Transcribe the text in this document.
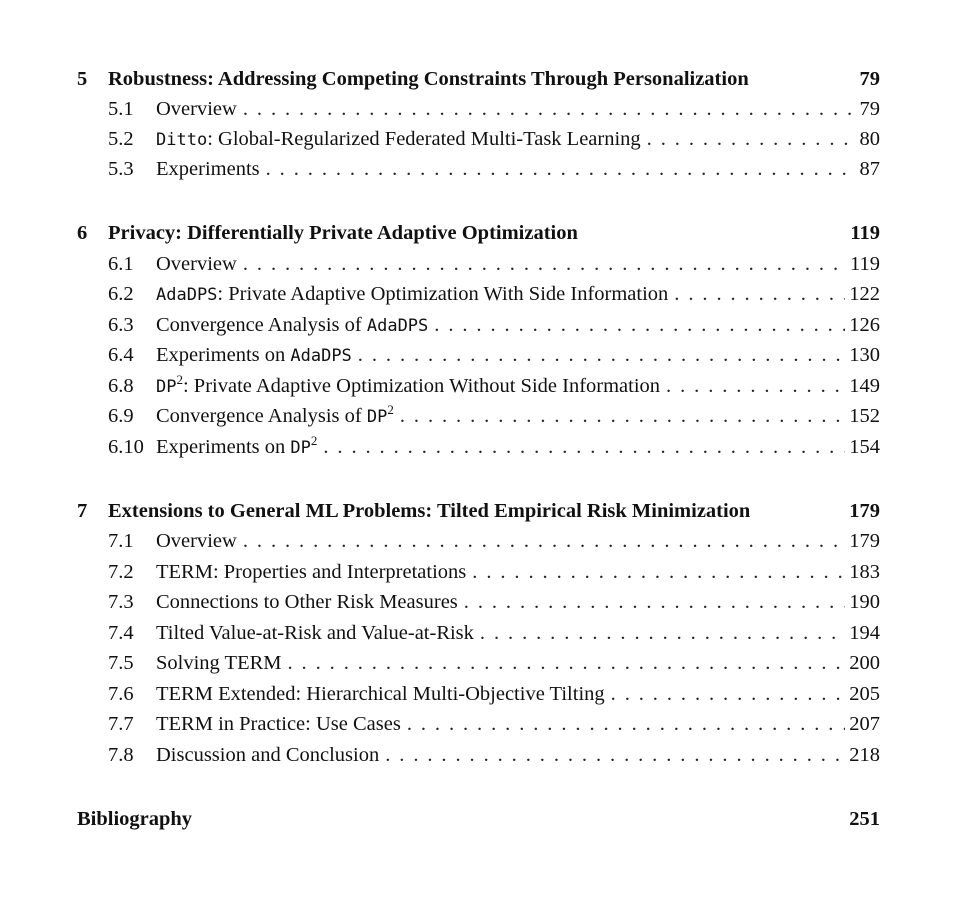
5 Robustness: Addressing Competing Constraints Through Personalization	79
5.1 Overview . . .	79
5.2 Ditto: Global-Regularized Federated Multi-Task Learning . . .	80
5.3 Experiments . . .	87
6 Privacy: Differentially Private Adaptive Optimization	119
6.1 Overview . . .	119
6.2 AdaDPS: Private Adaptive Optimization With Side Information . . .	122
6.3 Convergence Analysis of AdaDPS . . .	126
6.4 Experiments on AdaDPS . . .	130
6.8 $DP^2$: Private Adaptive Optimization Without Side Information . . .	149
6.9 Convergence Analysis of $DP^2$ . . .	152
6.10 Experiments on $DP^2$ . . .	154
7 Extensions to General ML Problems: Tilted Empirical Risk Minimization	179
7.1 Overview . . .	179
7.2 TERM: Properties and Interpretations . . .	183
7.3 Connections to Other Risk Measures . . .	190
7.4 Tilted Value-at-Risk and Value-at-Risk . . .	194
7.5 Solving TERM . . .	200
7.6 TERM Extended: Hierarchical Multi-Objective Tilting . . .	205
7.7 TERM in Practice: Use Cases . . .	207
7.8 Discussion and Conclusion . . .	218
Bibliography	251
